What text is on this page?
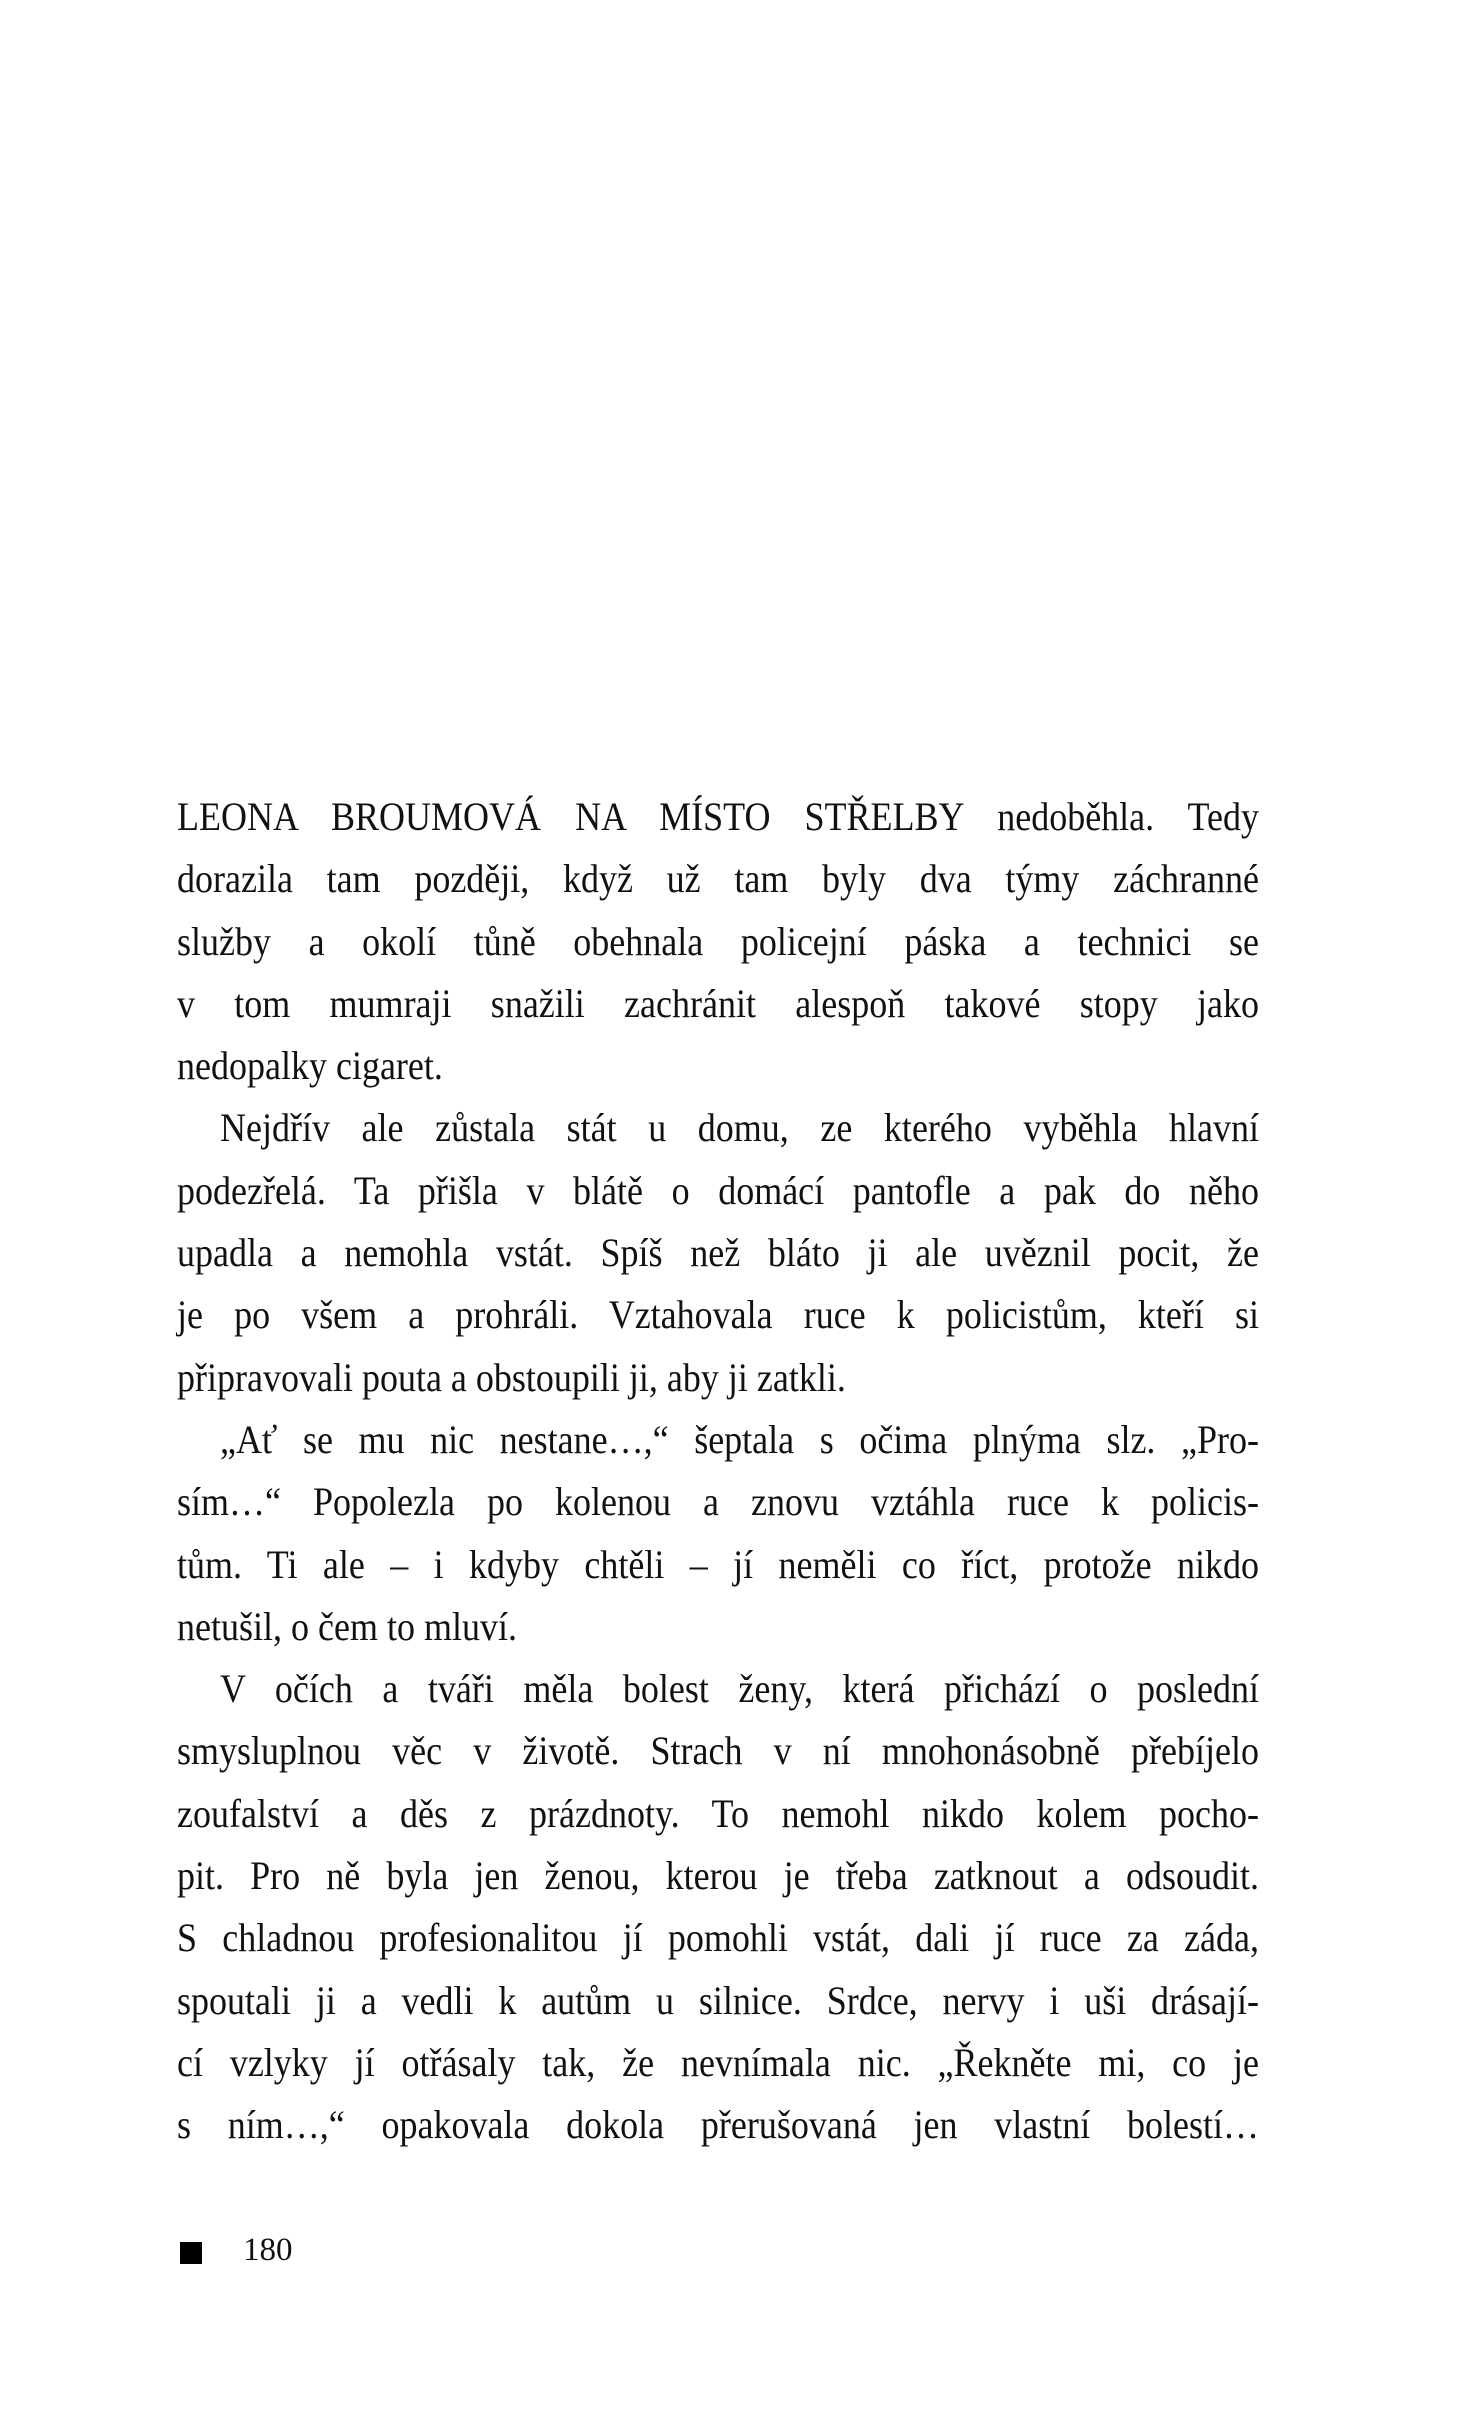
LEONA BROUMOVÁ NA MÍSTO STŘELBY nedoběhla. Tedy
dorazila tam později, když už tam byly dva týmy záchranné
služby a okolí tůně obehnala policejní páska a technici se
v tom mumraji snažili zachránit alespoň takové stopy jako
nedopalky cigaret.
Nejdřív ale zůstala stát u domu, ze kterého vyběhla hlavní
podezřelá. Ta přišla v blátě o domácí pantofle a pak do něho
upadla a nemohla vstát. Spíš než bláto ji ale uvěznil pocit, že
je po všem a prohráli. Vztahovala ruce k policistům, kteří si
připravovali pouta a obstoupili ji, aby ji zatkli.
„Ať se mu nic nestane…,“ šeptala s očima plnýma slz. „Pro-
sím…“ Popolezla po kolenou a znovu vztáhla ruce k policis-
tům. Ti ale – i kdyby chtěli – jí neměli co říct, protože nikdo
netušil, o čem to mluví.
V očích a tváři měla bolest ženy, která přichází o poslední
smysluplnou věc v životě. Strach v ní mnohonásobně přebíjelo
zoufalství a děs z prázdnoty. To nemohl nikdo kolem pocho-
pit. Pro ně byla jen ženou, kterou je třeba zatknout a odsoudit.
S chladnou profesionalitou jí pomohli vstát, dali jí ruce za záda,
spoutali ji a vedli k autům u silnice. Srdce, nervy i uši drásají-
cí vzlyky jí otřásaly tak, že nevnímala nic. „Řekněte mi, co je
s ním…,“ opakovala dokola přerušovaná jen vlastní bolestí…
180
